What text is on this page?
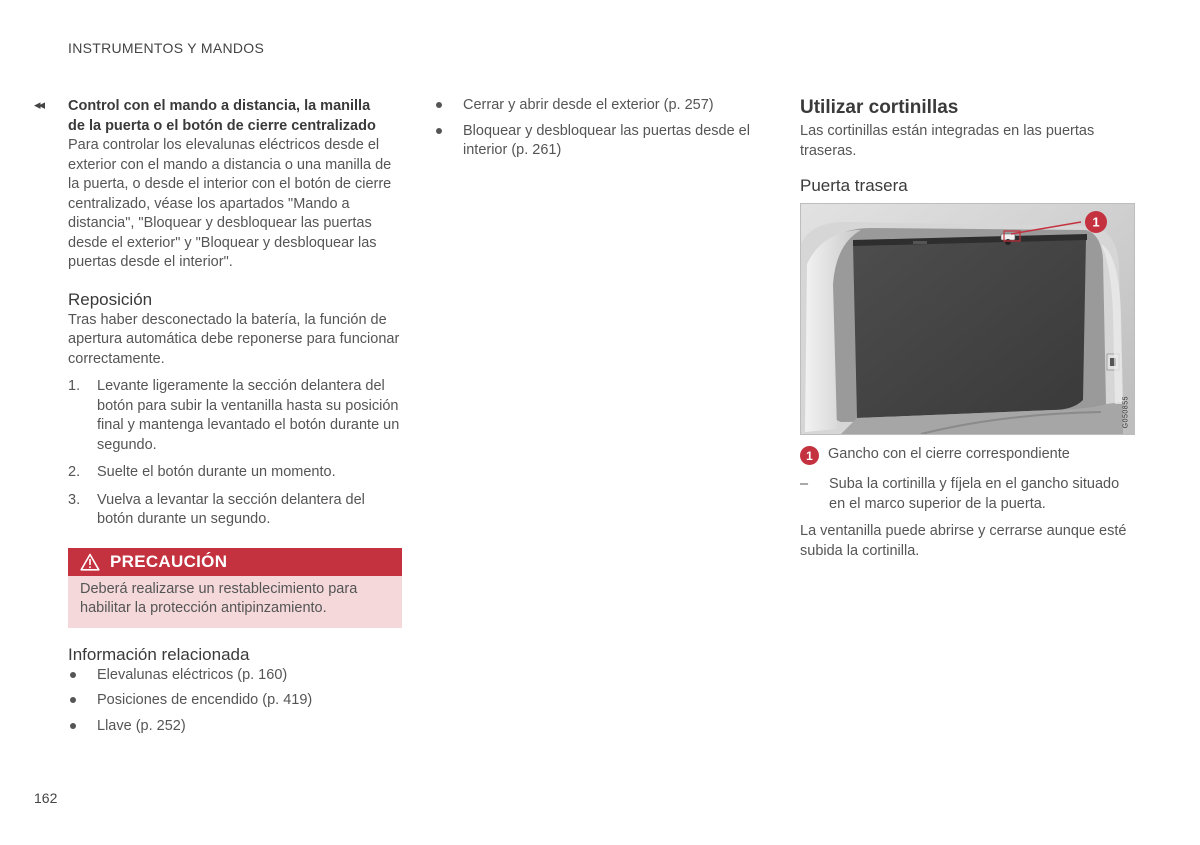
INSTRUMENTOS Y MANDOS
◂◂ Control con el mando a distancia, la manilla
de la puerta o el botón de cierre centralizado

Para controlar los elevalunas eléctricos desde el exterior con el mando a distancia o una manilla de la puerta, o desde el interior con el botón de cierre centralizado, véase los apartados "Mando a distancia", "Bloquear y desbloquear las puertas desde el exterior" y "Bloquear y desbloquear las puertas desde el interior".

Reposición

Tras haber desconectado la batería, la función de apertura automática debe reponerse para funcionar correctamente.

1. Levante ligeramente la sección delantera del botón para subir la ventanilla hasta su posición final y mantenga levantado el botón durante un segundo.
2. Suelte el botón durante un momento.
3. Vuelva a levantar la sección delantera del botón durante un segundo.
PRECAUCIÓN
Deberá realizarse un restablecimiento para habilitar la protección antipinzamiento.
Información relacionada
Elevalunas eléctricos (p. 160)
Posiciones de encendido (p. 419)
Llave (p. 252)
Cerrar y abrir desde el exterior (p. 257)
Bloquear y desbloquear las puertas desde el interior (p. 261)
Utilizar cortinillas

Las cortinillas están integradas en las puertas traseras.

Puerta trasera
1
G050855
1	Gancho con el cierre correspondiente

–	Suba la cortinilla y fíjela en el gancho situado en el marco superior de la puerta.

La ventanilla puede abrirse y cerrarse aunque esté subida la cortinilla.

162
